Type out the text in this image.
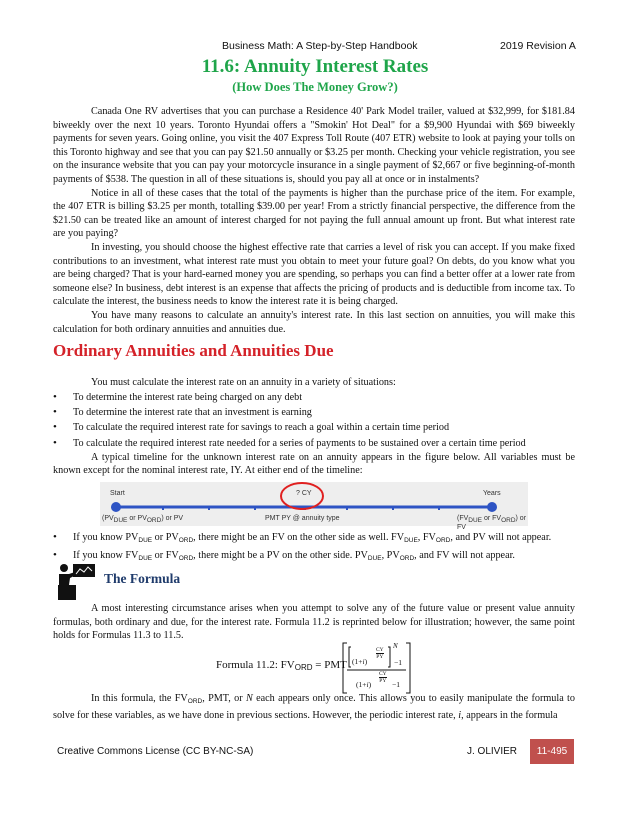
Business Math: A Step-by-Step Handbook	2019 Revision A
11.6: Annuity Interest Rates
(How Does The Money Grow?)

Canada One RV advertises that you can purchase a Residence 40' Park Model trailer, valued at $32,999, for $181.84 biweekly over the next 10 years. Toronto Hyundai offers a "Smokin' Hot Deal" for a $9,900 Hyundai with $69 biweekly payments for seven years. Going online, you visit the 407 Express Toll Route (407 ETR) website to look at paying your tolls on this Toronto highway and see that you can pay $21.50 annually or $3.25 per month. Checking your vehicle registration, you see on the insurance website that you can pay your motorcycle insurance in a single payment of $2,667 or five beginning-of-month payments of $538. The question in all of these situations is, should you pay all at once or in instalments?

Notice in all of these cases that the total of the payments is higher than the purchase price of the item. For example, the 407 ETR is billing $3.25 per month, totalling $39.00 per year! From a strictly financial perspective, the difference from the $21.50 can be treated like an amount of interest charged for not paying the full annual amount up front. But what interest rate are you paying?

In investing, you should choose the highest effective rate that carries a level of risk you can accept. If you make fixed contributions to an investment, what interest rate must you obtain to meet your future goal? On debts, do you know what you are being charged? That is your hard-earned money you are spending, so perhaps you can find a better offer at a lower rate from someone else? In business, debt interest is an expense that affects the pricing of products and is deductible from income tax. To calculate the interest, the business needs to know the interest rate it is being charged.

You have many reasons to calculate an annuity's interest rate. In this last section on annuities, you will make this calculation for both ordinary annuities and annuities due.

Ordinary Annuities and Annuities Due

You must calculate the interest rate on an annuity in a variety of situations:

• To determine the interest rate being charged on any debt
• To determine the interest rate that an investment is earning
• To calculate the required interest rate for savings to reach a goal within a certain time period
• To calculate the required interest rate needed for a series of payments to be sustained over a certain time period

A typical timeline for the unknown interest rate on an annuity appears in the figure below. All variables must be known except for the nominal interest rate, IY. At either end of the timeline:

Start	Years
? CY
($PV_{DUE}$ or $PV_{ORD}$) or PV	PMT PY @ annuity type	($FV_{DUE}$ or $FV_{ORD}$) or FV
• If you know $PV_{DUE}$ or $PV_{ORD}$, there might be an FV on the other side as well. $FV_{DUE}$, $FV_{ORD}$, and PV will not appear.
• If you know $FV_{DUE}$ or $FV_{ORD}$, there might be a PV on the other side. $PV_{DUE}$, $PV_{ORD}$, and FV will not appear.
The Formula

A most interesting circumstance arises when you attempt to solve any of the future value or present value annuity formulas, both ordinary and due, for the interest rate. Formula 11.2 is reprinted below for illustration; however, the same point holds for Formulas 11.3 to 11.5.

Formula 11.2: $FV_{ORD}$ = PMT (1+i)
CY
PY
N
−1
(1+i)
CY
PY −1

In this formula, the $FV_{ORD}$, PMT, or N each appears only once. This allows you to easily manipulate the formula to solve for these variables, as we have done in previous sections. However, the periodic interest rate, i, appears in the formula

Creative Commons License (CC BY-NC-SA)	J. OLIVIER	11-495
